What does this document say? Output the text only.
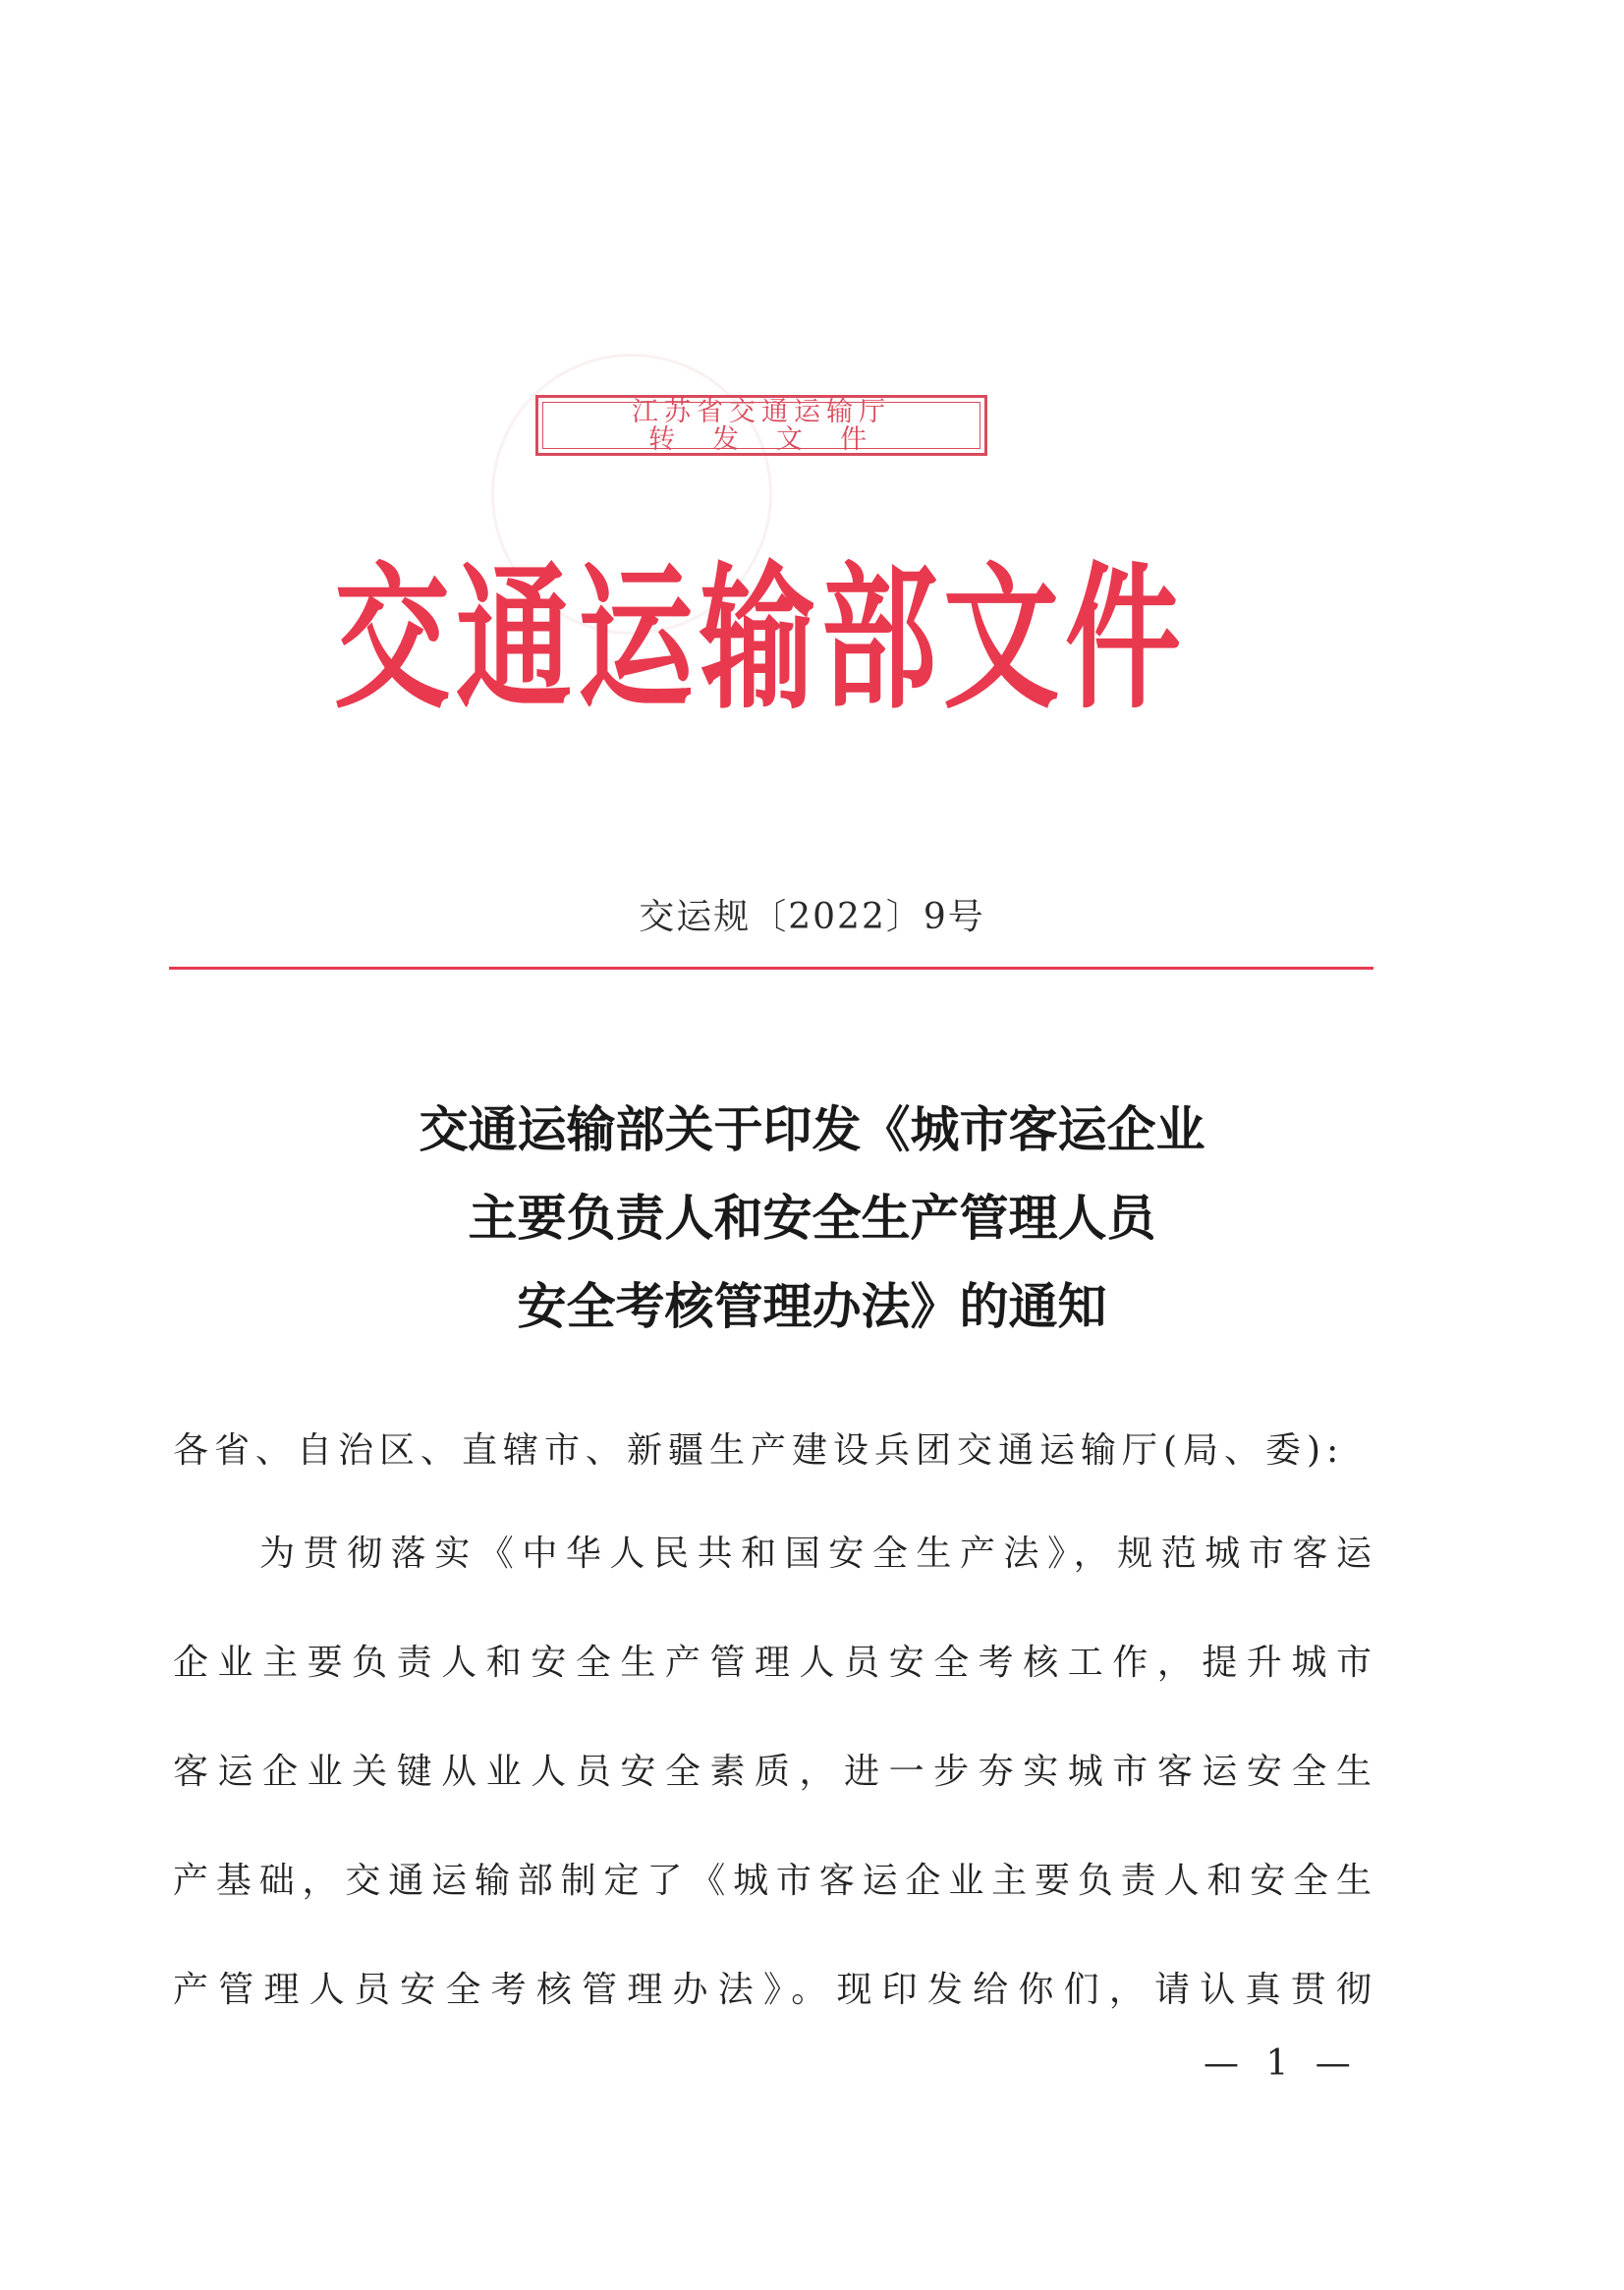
江苏省交通运输厅
转发文件
交通运输部文件
交运规〔2022〕9号
交通运输部关于印发《城市客运企业
主要负责人和安全生产管理人员
安全考核管理办法》的通知
各省、自治区、直辖市、新疆生产建设兵团交通运输厅(局、委):
为贯彻落实《中华人民共和国安全生产法》，规范城市客运
企业主要负责人和安全生产管理人员安全考核工作，提升城市
客运企业关键从业人员安全素质，进一步夯实城市客运安全生
产基础，交通运输部制定了《城市客运企业主要负责人和安全生
产管理人员安全考核管理办法》。现印发给你们，请认真贯彻
— 1 —
